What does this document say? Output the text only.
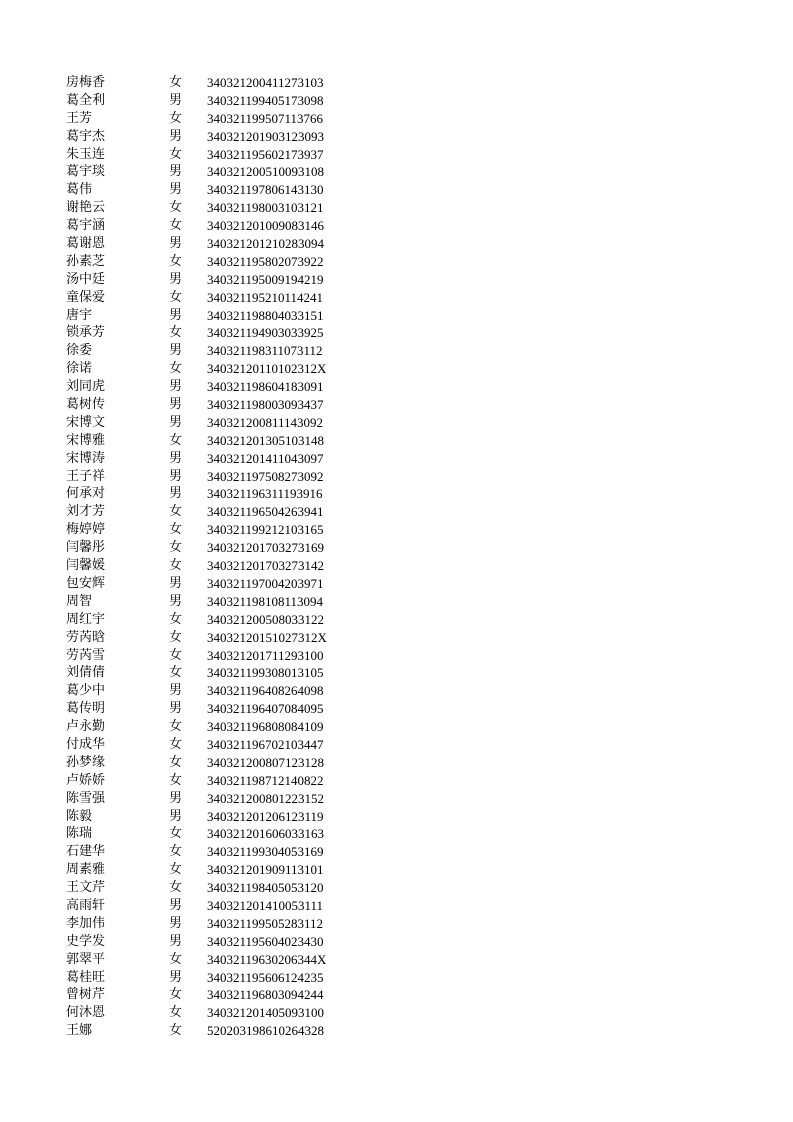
房梅香	女	340321200411273103
葛全利	男	340321199405173098
王芳	女	340321199507113766
葛宇杰	男	340321201903123093
朱玉连	女	340321195602173937
葛宇琰	男	340321200510093108
葛伟	男	340321197806143130
谢艳云	女	340321198003103121
葛宇涵	女	340321201009083146
葛谢恩	男	340321201210283094
孙素芝	女	340321195802073922
汤中廷	男	340321195009194219
童保爱	女	340321195210114241
唐宇	男	340321198804033151
锁承芳	女	340321194903033925
徐委	男	340321198311073112
徐诺	女	34032120110102312X
刘同虎	男	340321198604183091
葛树传	男	340321198003093437
宋博文	男	340321200811143092
宋博雅	女	340321201305103148
宋博涛	男	340321201411043097
王子祥	男	340321197508273092
何承对	男	340321196311193916
刘才芳	女	340321196504263941
梅婷婷	女	340321199212103165
闫馨彤	女	340321201703273169
闫馨媛	女	340321201703273142
包安辉	男	340321197004203971
周智	男	340321198108113094
周红宇	女	340321200508033122
劳芮晗	女	34032120151027312X
劳芮雪	女	340321201711293100
刘倩倩	女	340321199308013105
葛少中	男	340321196408264098
葛传明	男	340321196407084095
卢永勤	女	340321196808084109
付成华	女	340321196702103447
孙梦缘	女	340321200807123128
卢娇娇	女	340321198712140822
陈雪强	男	340321200801223152
陈毅	男	340321201206123119
陈瑞	女	340321201606033163
石建华	女	340321199304053169
周素雅	女	340321201909113101
王文芹	女	340321198405053120
高雨轩	男	340321201410053111
李加伟	男	340321199505283112
史学发	男	340321195604023430
郭翠平	女	34032119630206344X
葛桂旺	男	340321195606124235
曾树芹	女	340321196803094244
何沐恩	女	340321201405093100
王娜	女	520203198610264328
